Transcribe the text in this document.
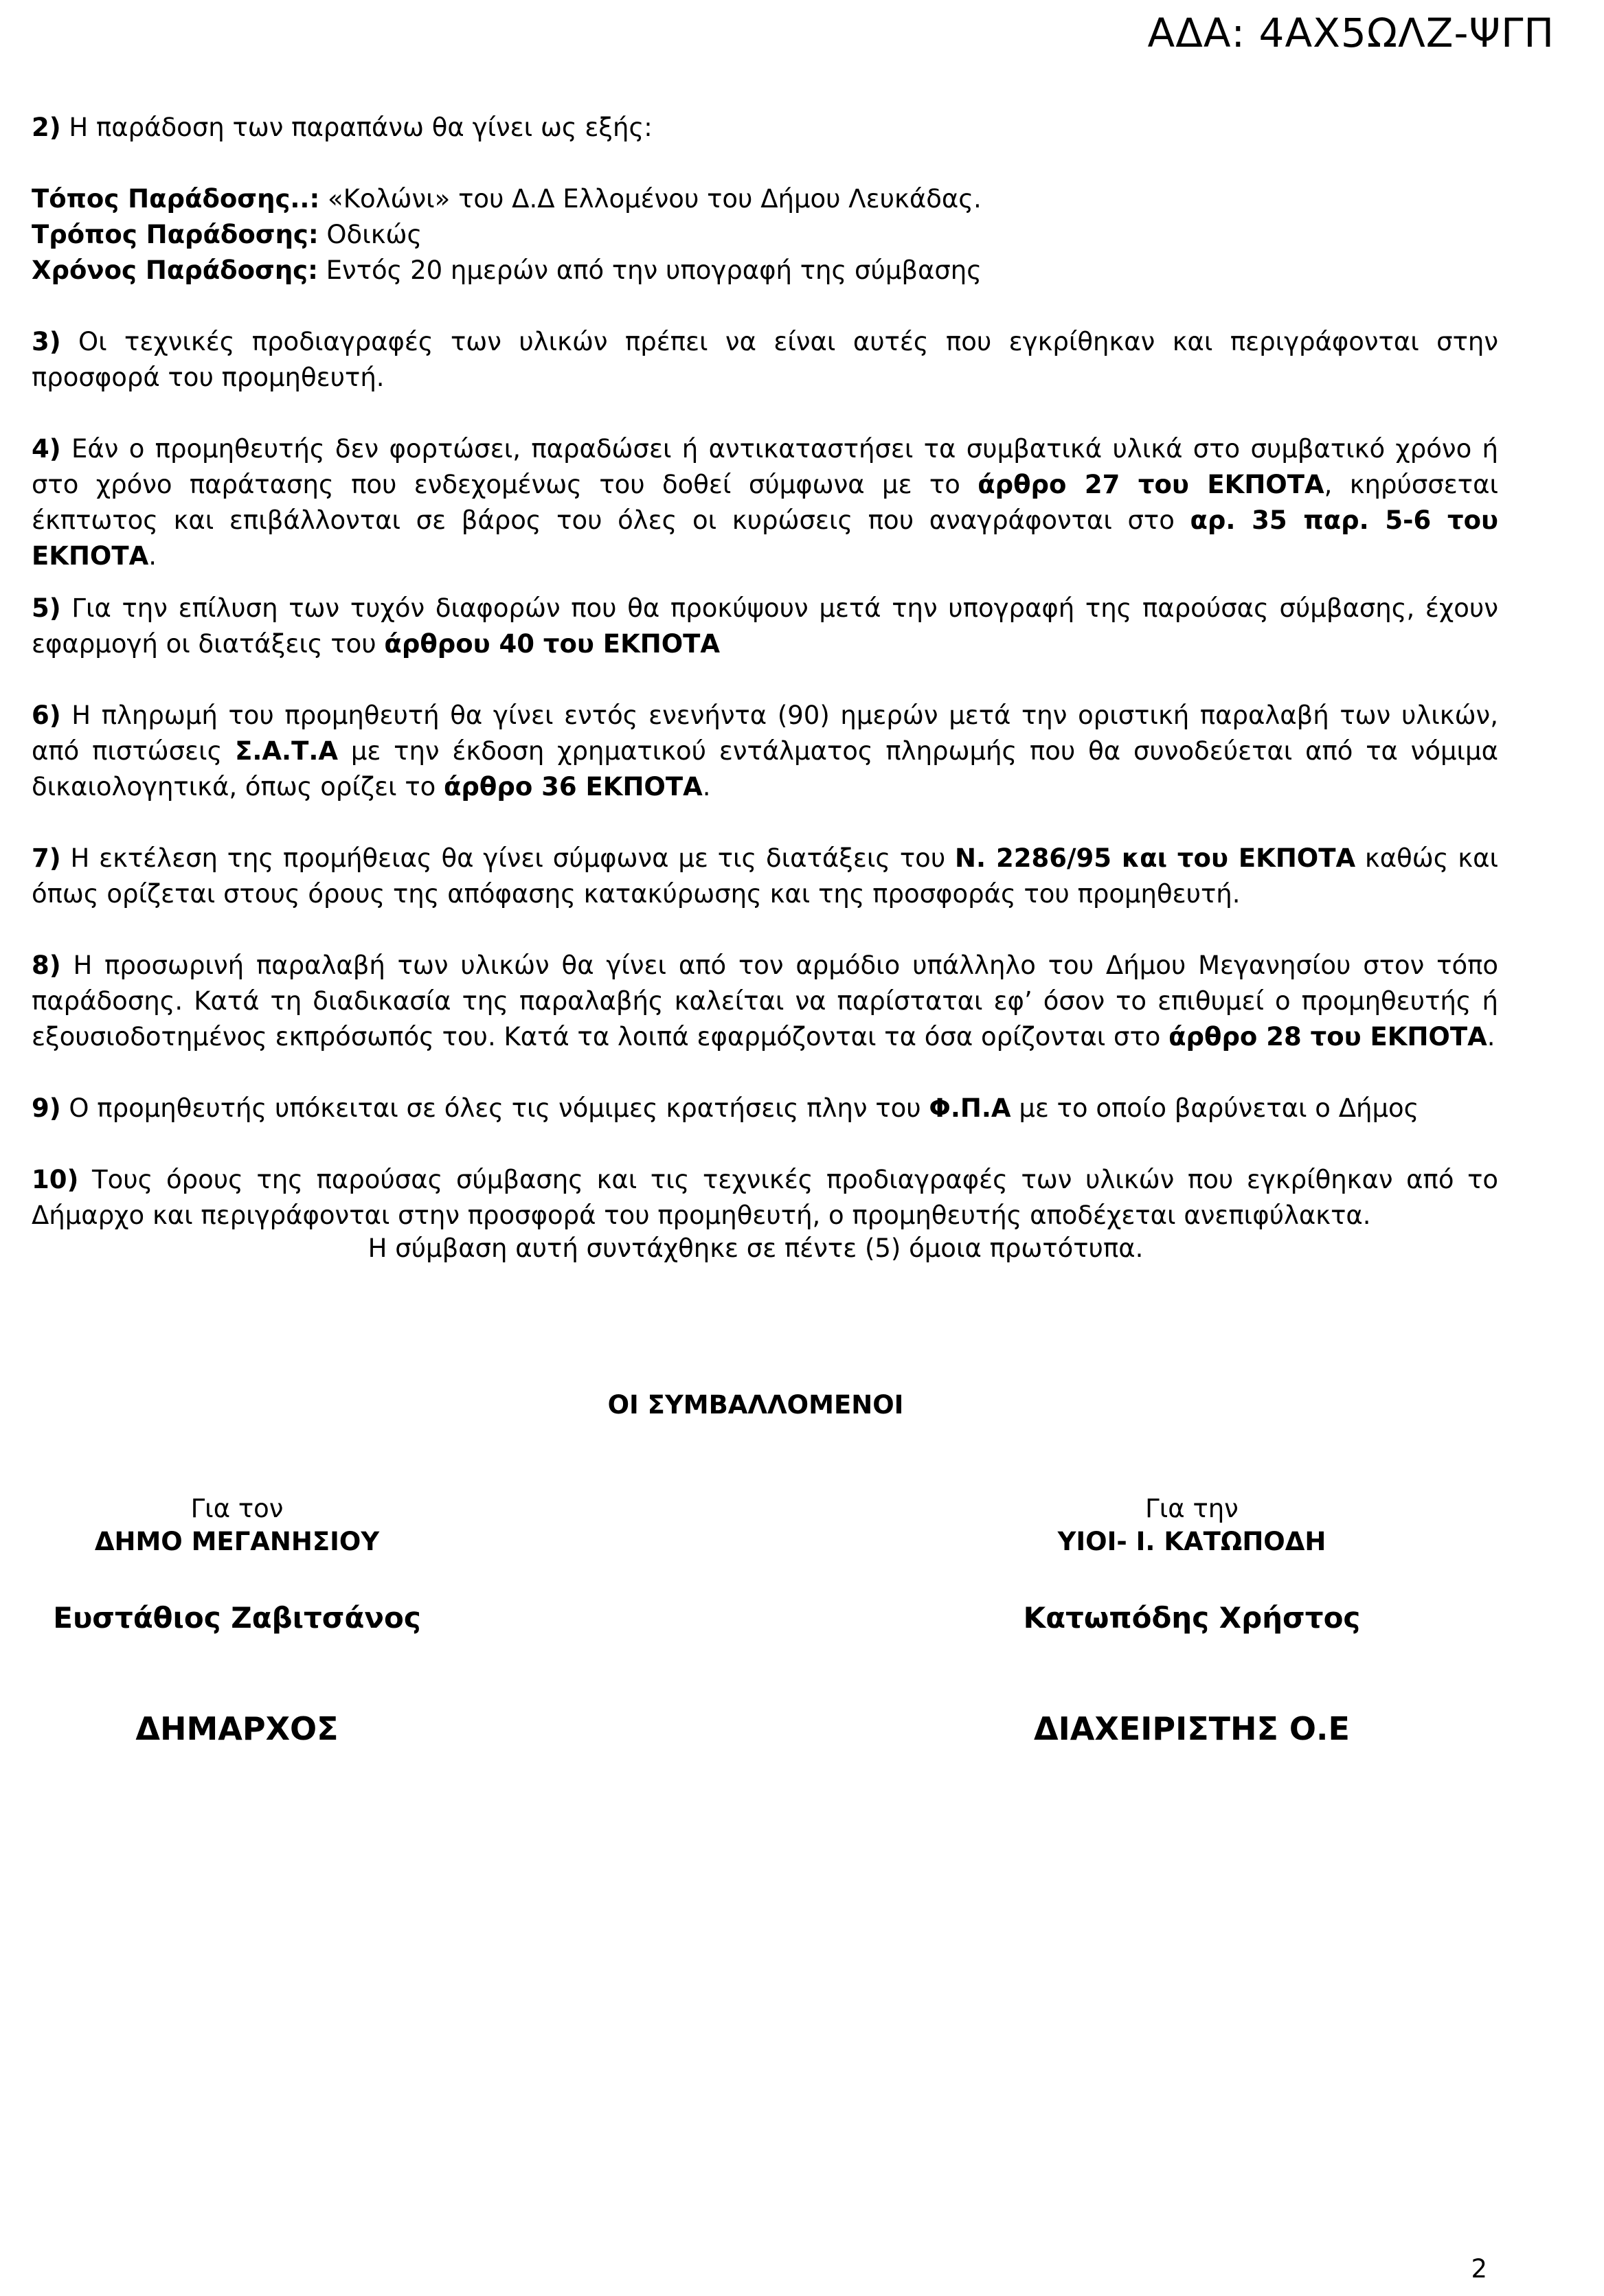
ΑΔΑ: 4ΑΧ5ΩΛΖ-ΨΓΠ

2) Η παράδοση των παραπάνω θα γίνει ως εξής:

Τόπος Παράδοσης..: «Κολώνι» του Δ.Δ Ελλομένου του Δήμου Λευκάδας.

Τρόπος Παράδοσης: Οδικώς

Χρόνος Παράδοσης: Εντός 20 ημερών από την υπογραφή της σύμβασης

3) Οι τεχνικές προδιαγραφές των υλικών πρέπει να είναι αυτές που εγκρίθηκαν και περιγράφονται στην προσφορά του προμηθευτή.

4) Εάν ο προμηθευτής δεν φορτώσει, παραδώσει ή αντικαταστήσει τα συμβατικά υλικά στο συμβατικό χρόνο ή στο χρόνο παράτασης που ενδεχομένως του δοθεί σύμφωνα με το άρθρο 27 του ΕΚΠΟΤΑ, κηρύσσεται έκπτωτος και επιβάλλονται σε βάρος του όλες οι κυρώσεις που αναγράφονται στο αρ. 35 παρ. 5-6 του ΕΚΠΟΤΑ.

5) Για την επίλυση των τυχόν διαφορών που θα προκύψουν μετά την υπογραφή της παρούσας σύμβασης, έχουν εφαρμογή οι διατάξεις του άρθρου 40 του ΕΚΠΟΤΑ

6) Η πληρωμή του προμηθευτή θα γίνει εντός ενενήντα (90) ημερών μετά την οριστική παραλαβή των υλικών, από πιστώσεις Σ.Α.Τ.Α με την έκδοση χρηματικού εντάλματος πληρωμής που θα συνοδεύεται από τα νόμιμα δικαιολογητικά, όπως ορίζει το άρθρο 36 ΕΚΠΟΤΑ.

7) Η εκτέλεση της προμήθειας θα γίνει σύμφωνα με τις διατάξεις του Ν. 2286/95 και του ΕΚΠΟΤΑ καθώς και όπως ορίζεται στους όρους της απόφασης κατακύρωσης και της προσφοράς του προμηθευτή.

8) Η προσωρινή παραλαβή των υλικών θα γίνει από τον αρμόδιο υπάλληλο του Δήμου Μεγανησίου στον τόπο παράδοσης. Κατά τη διαδικασία της παραλαβής καλείται να παρίσταται εφ’ όσον το επιθυμεί ο προμηθευτής ή εξουσιοδοτημένος εκπρόσωπός του. Κατά τα λοιπά εφαρμόζονται τα όσα ορίζονται στο άρθρο 28 του ΕΚΠΟΤΑ.

9) Ο προμηθευτής υπόκειται σε όλες τις νόμιμες κρατήσεις πλην του Φ.Π.Α με το οποίο βαρύνεται ο Δήμος

10) Τους όρους της παρούσας σύμβασης και τις τεχνικές προδιαγραφές των υλικών που εγκρίθηκαν από το Δήμαρχο και περιγράφονται στην προσφορά του προμηθευτή, ο προμηθευτής αποδέχεται ανεπιφύλακτα.

Η σύμβαση αυτή συντάχθηκε σε πέντε (5) όμοια πρωτότυπα.
ΟΙ ΣΥΜΒΑΛΛΟΜΕΝΟΙ
Για τον
ΔΗΜΟ ΜΕΓΑΝΗΣΙΟΥ
Ευστάθιος Ζαβιτσάνος
ΔΗΜΑΡΧΟΣ
Για την
ΥΙΟΙ- Ι. ΚΑΤΩΠΟΔΗ
Κατωπόδης Χρήστος
ΔΙΑΧΕΙΡΙΣΤΗΣ Ο.Ε
2
